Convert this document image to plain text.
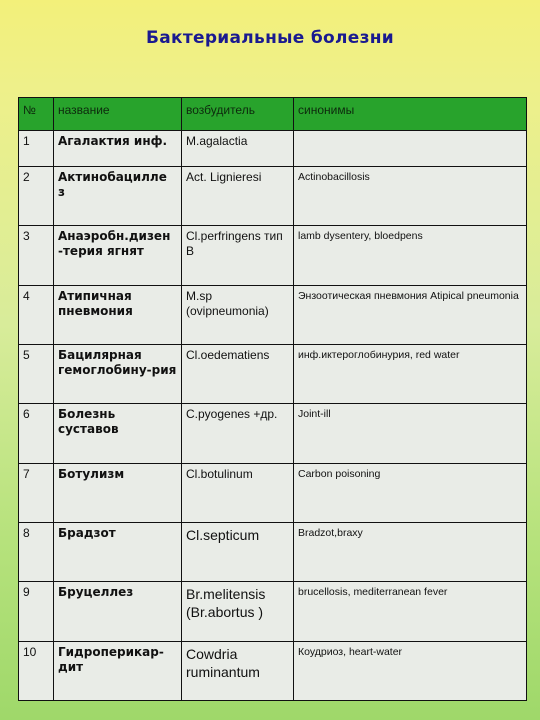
Бактериальные болезни
№	название	возбудитель	синонимы
1	Агалактия инф.	M.agalactia	
2	Актинобацилле з	Act. Lignieresi	Actinobacillosis
3	Анаэробн.дизен -терия ягнят	Cl.perfringens тип B	lamb dysentery, bloedpens
4	Атипичная пневмония	M.sp (ovipneumonia)	Энзоотическая пневмония Atipical pneumonia
5	Бацилярная гемоглобину-рия	Cl.oedematiens	инф.иктероглобинурия, red water
6	Болезнь суставов	C.pyogenes +др.	Joint-ill
7	Ботулизм	Cl.botulinum	Carbon poisoning
8	Брадзот	Cl.septicum	Bradzot,braxy
9	Бруцеллез	Br.melitensis (Br.abortus )	brucellosis, mediterranean fever
10	Гидроперикар-дит	Cowdria ruminantum	Коудриоз, heart-water
